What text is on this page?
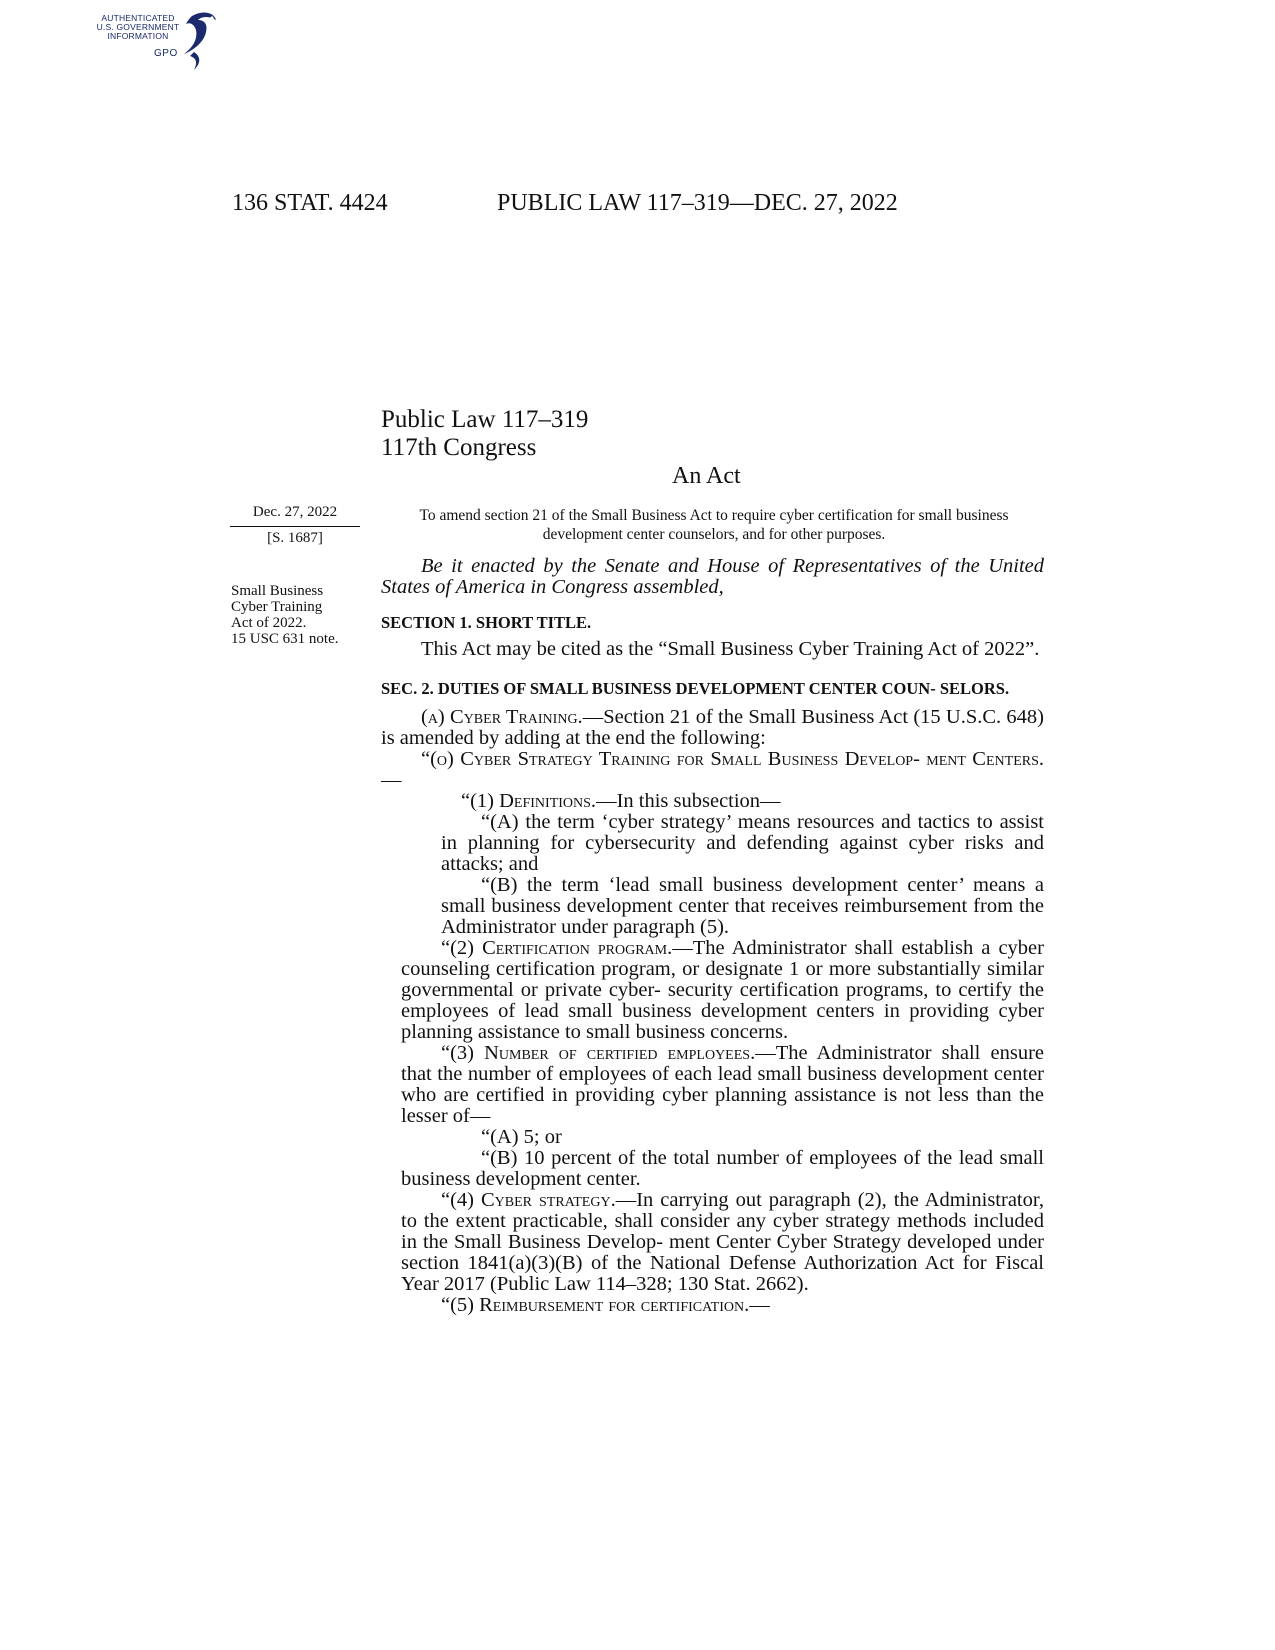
AUTHENTICATED
U.S. GOVERNMENT
INFORMATION
GPO
136 STAT. 4424	PUBLIC LAW 117–319—DEC. 27, 2022
Public Law 117–319
117th Congress
An Act
Dec. 27, 2022
[S. 1687]
Small Business
Cyber Training
Act of 2022.
15 USC 631 note.
To amend section 21 of the Small Business Act to require cyber certification for small business development center counselors, and for other purposes.

Be it enacted by the Senate and House of Representatives of the United States of America in Congress assembled,

SECTION 1. SHORT TITLE.

This Act may be cited as the “Small Business Cyber Training Act of 2022”.

SEC. 2. DUTIES OF SMALL BUSINESS DEVELOPMENT CENTER COUN- SELORS.

(a) Cyber Training.—Section 21 of the Small Business Act (15 U.S.C. 648) is amended by adding at the end the following:

“(o) Cyber Strategy Training for Small Business Develop- ment Centers.—

“(1) Definitions.—In this subsection—

“(A) the term ‘cyber strategy’ means resources and tactics to assist in planning for cybersecurity and defending against cyber risks and attacks; and

“(B) the term ‘lead small business development center’ means a small business development center that receives reimbursement from the Administrator under paragraph (5).

“(2) Certification program.—The Administrator shall establish a cyber counseling certification program, or designate 1 or more substantially similar governmental or private cyber- security certification programs, to certify the employees of lead small business development centers in providing cyber planning assistance to small business concerns.

“(3) Number of certified employees.—The Administrator shall ensure that the number of employees of each lead small business development center who are certified in providing cyber planning assistance is not less than the lesser of—

“(A) 5; or

“(B) 10 percent of the total number of employees of the lead small business development center.

“(4) Cyber strategy.—In carrying out paragraph (2), the Administrator, to the extent practicable, shall consider any cyber strategy methods included in the Small Business Develop- ment Center Cyber Strategy developed under section 1841(a)(3)(B) of the National Defense Authorization Act for Fiscal Year 2017 (Public Law 114–328; 130 Stat. 2662).

“(5) Reimbursement for certification.—
